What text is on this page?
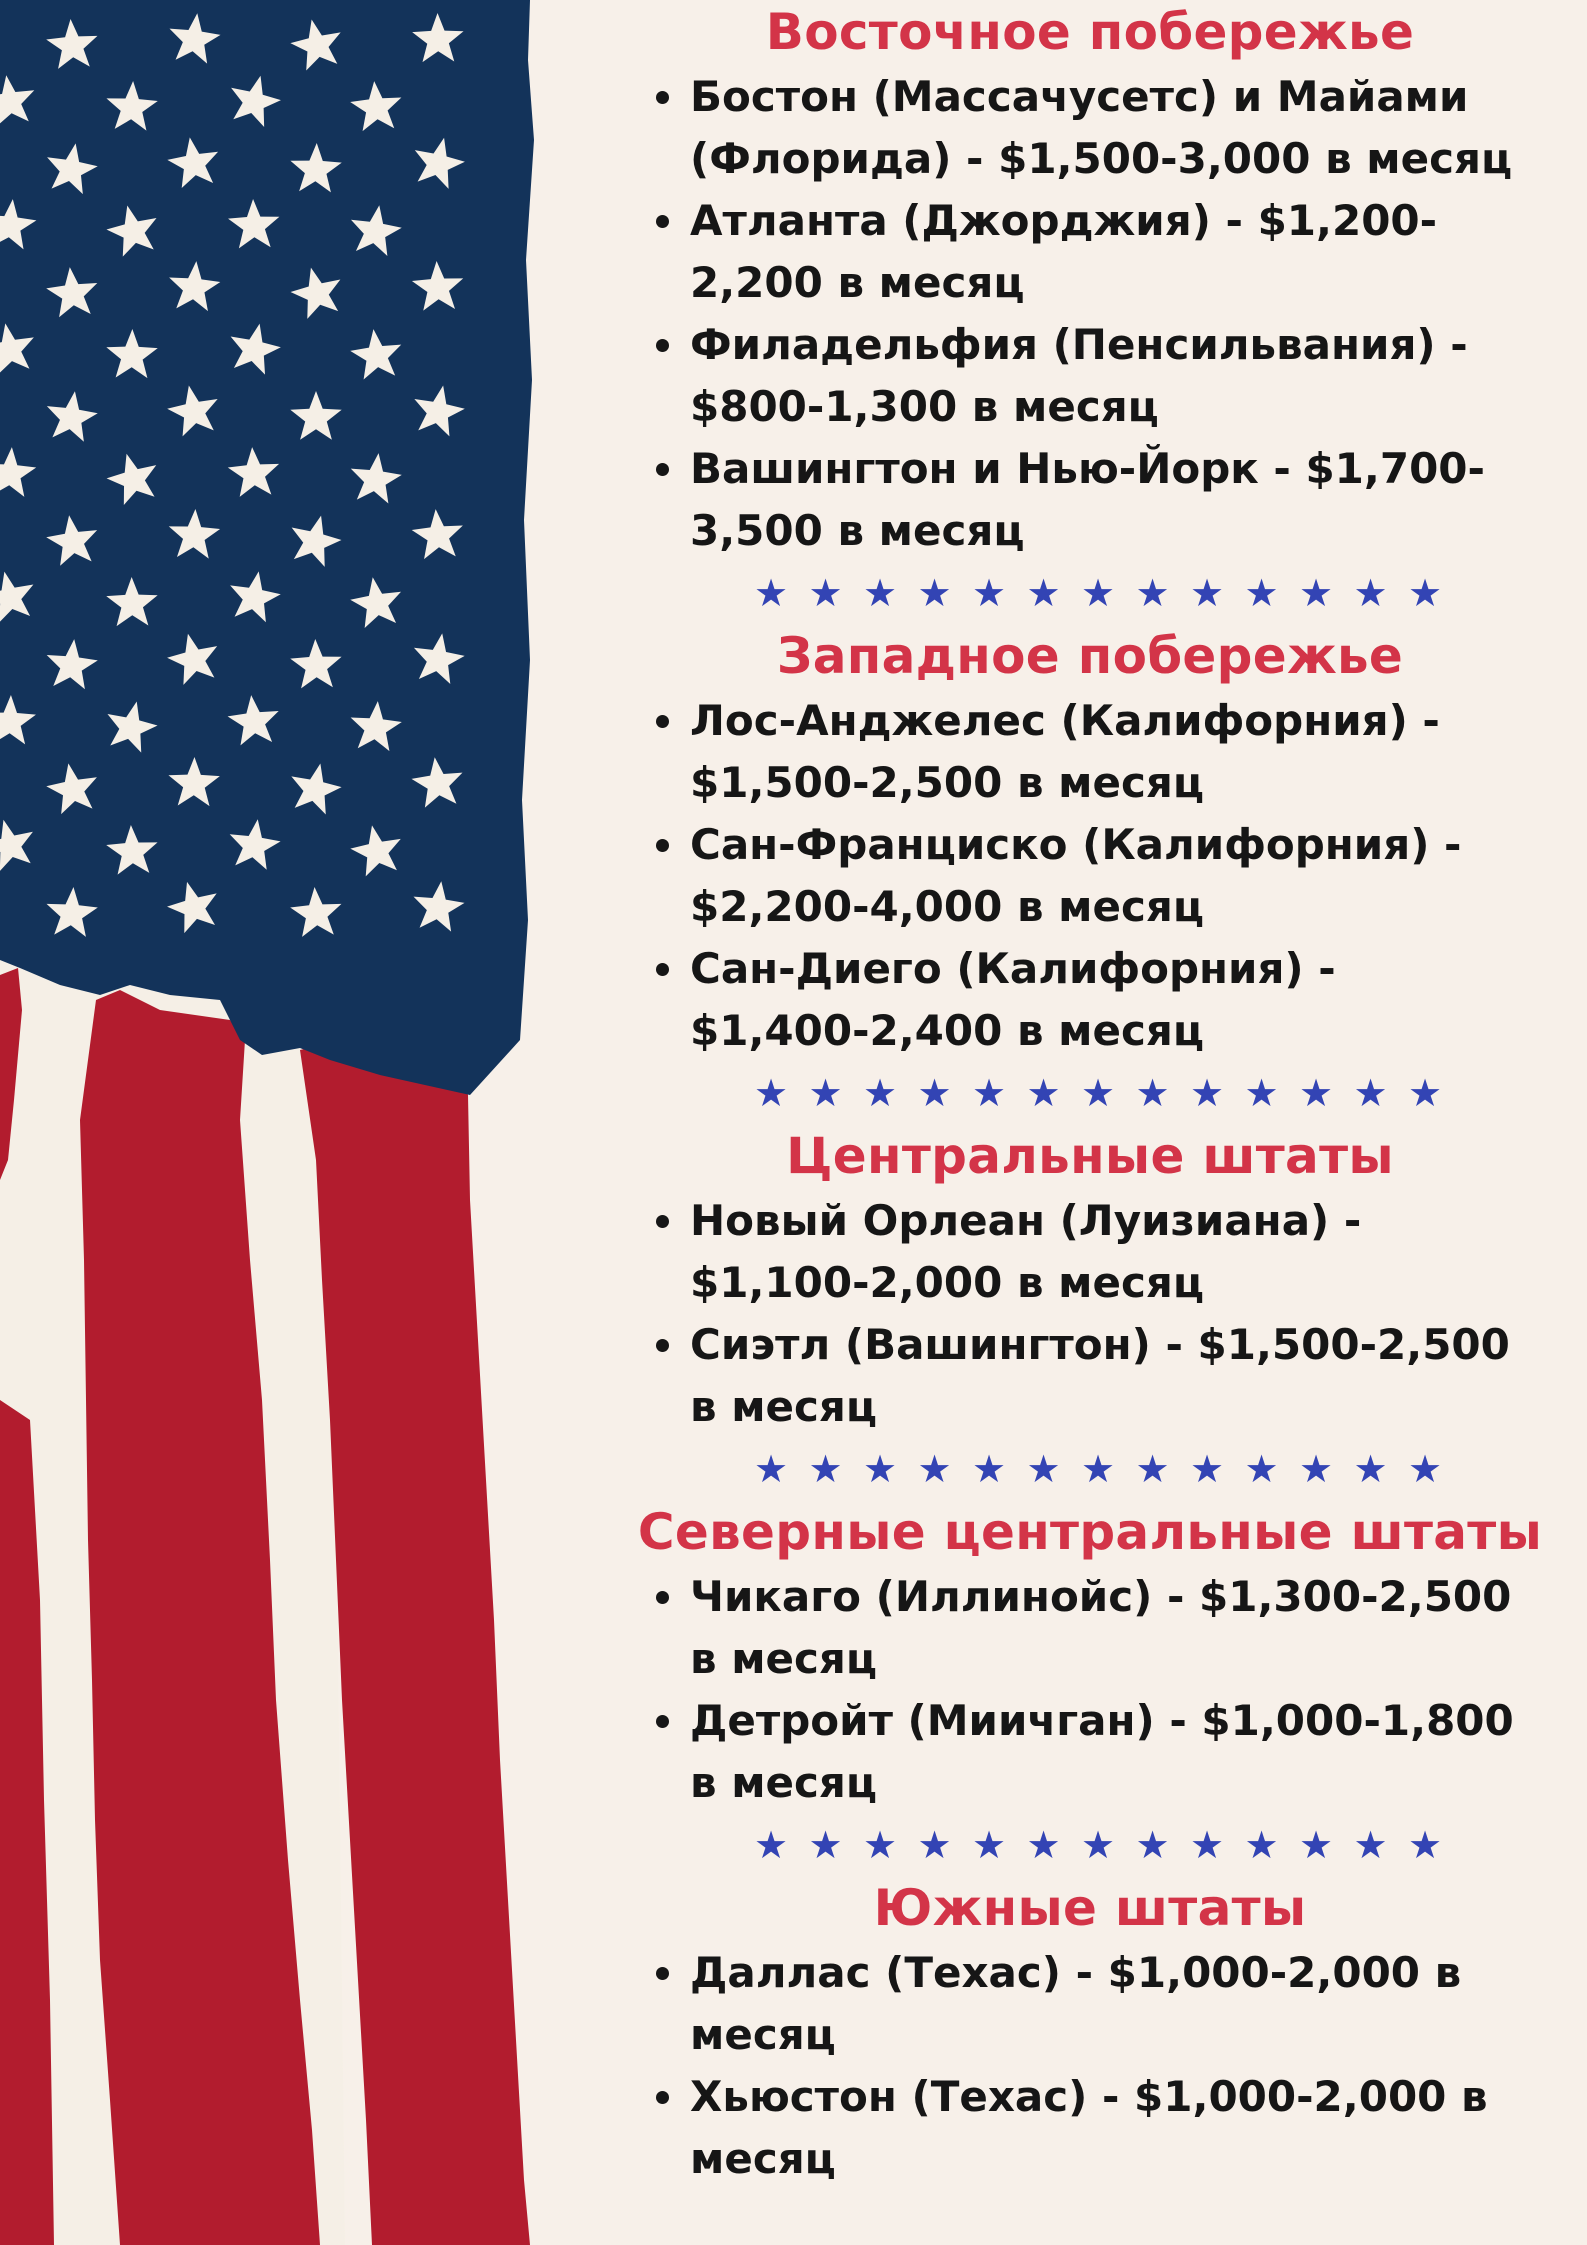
Восточное побережье
Бостон (Массачусетс) и Майами (Флорида) - $1,500-3,000 в месяц
Атланта (Джорджия) - $1,200-2,200 в месяц
Филадельфия (Пенсильвания) - $800-1,300 в месяц
Вашингтон и Нью-Йорк - $1,700-3,500 в месяц
★ ★ ★ ★ ★ ★ ★ ★ ★ ★ ★ ★ ★
Западное побережье
Лос-Анджелес (Калифорния) - $1,500-2,500 в месяц
Сан-Франциско (Калифорния) - $2,200-4,000 в месяц
Сан-Диего (Калифорния) - $1,400-2,400 в месяц
★ ★ ★ ★ ★ ★ ★ ★ ★ ★ ★ ★ ★
Центральные штаты
Новый Орлеан (Луизиана) - $1,100-2,000 в месяц
Сиэтл (Вашингтон) - $1,500-2,500 в месяц
★ ★ ★ ★ ★ ★ ★ ★ ★ ★ ★ ★ ★
Северные центральные штаты
Чикаго (Иллинойс) - $1,300-2,500 в месяц
Детройт (Миичган) - $1,000-1,800 в месяц
★ ★ ★ ★ ★ ★ ★ ★ ★ ★ ★ ★ ★
Южные штаты
Даллас (Техас) - $1,000-2,000 в месяц
Хьюстон (Техас) - $1,000-2,000 в месяц
